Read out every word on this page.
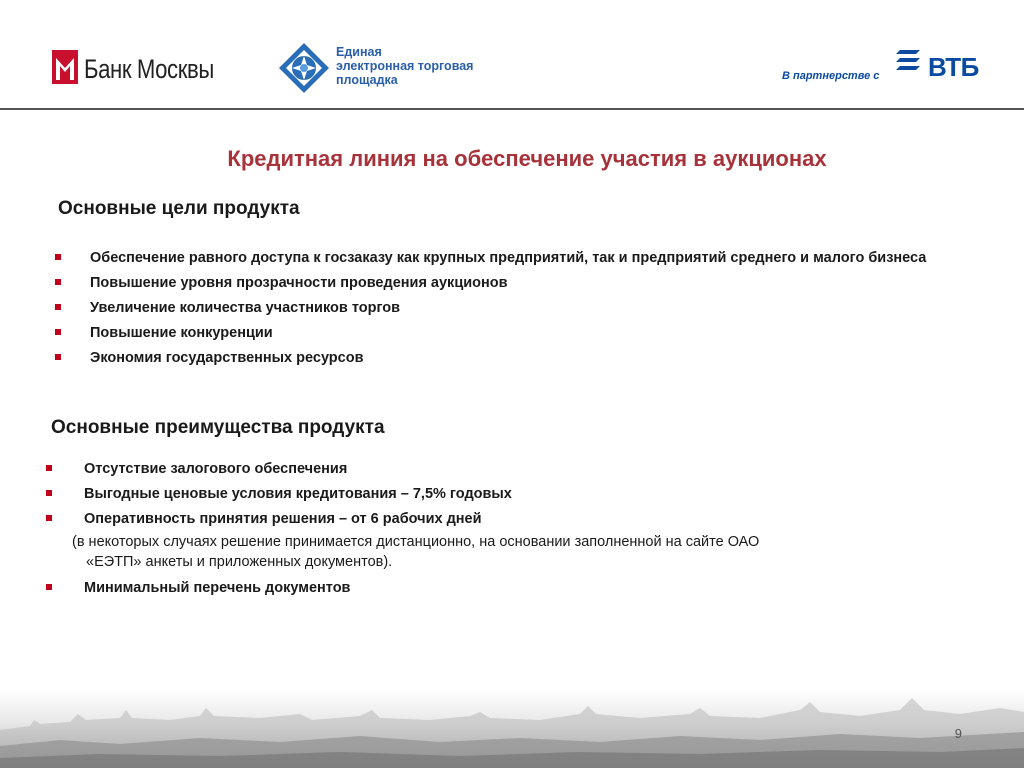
Банк Москвы
Единая
электронная торговая
площадка	В партнерстве с ВТБ
Кредитная линия на обеспечение участия в аукционах
Основные цели продукта
Обеспечение равного доступа к госзаказу как крупных предприятий, так и предприятий среднего и малого бизнеса
Повышение уровня прозрачности проведения аукционов
Увеличение количества участников торгов
Повышение конкуренции
Экономия государственных ресурсов
Основные преимущества продукта
Отсутствие залогового обеспечения
Выгодные ценовые условия кредитования – 7,5% годовых
Оперативность принятия решения – от 6 рабочих дней
(в некоторых случаях решение принимается дистанционно, на основании заполненной на сайте ОАО
«ЕЭТП» анкеты и приложенных документов).
Минимальный перечень документов
9
